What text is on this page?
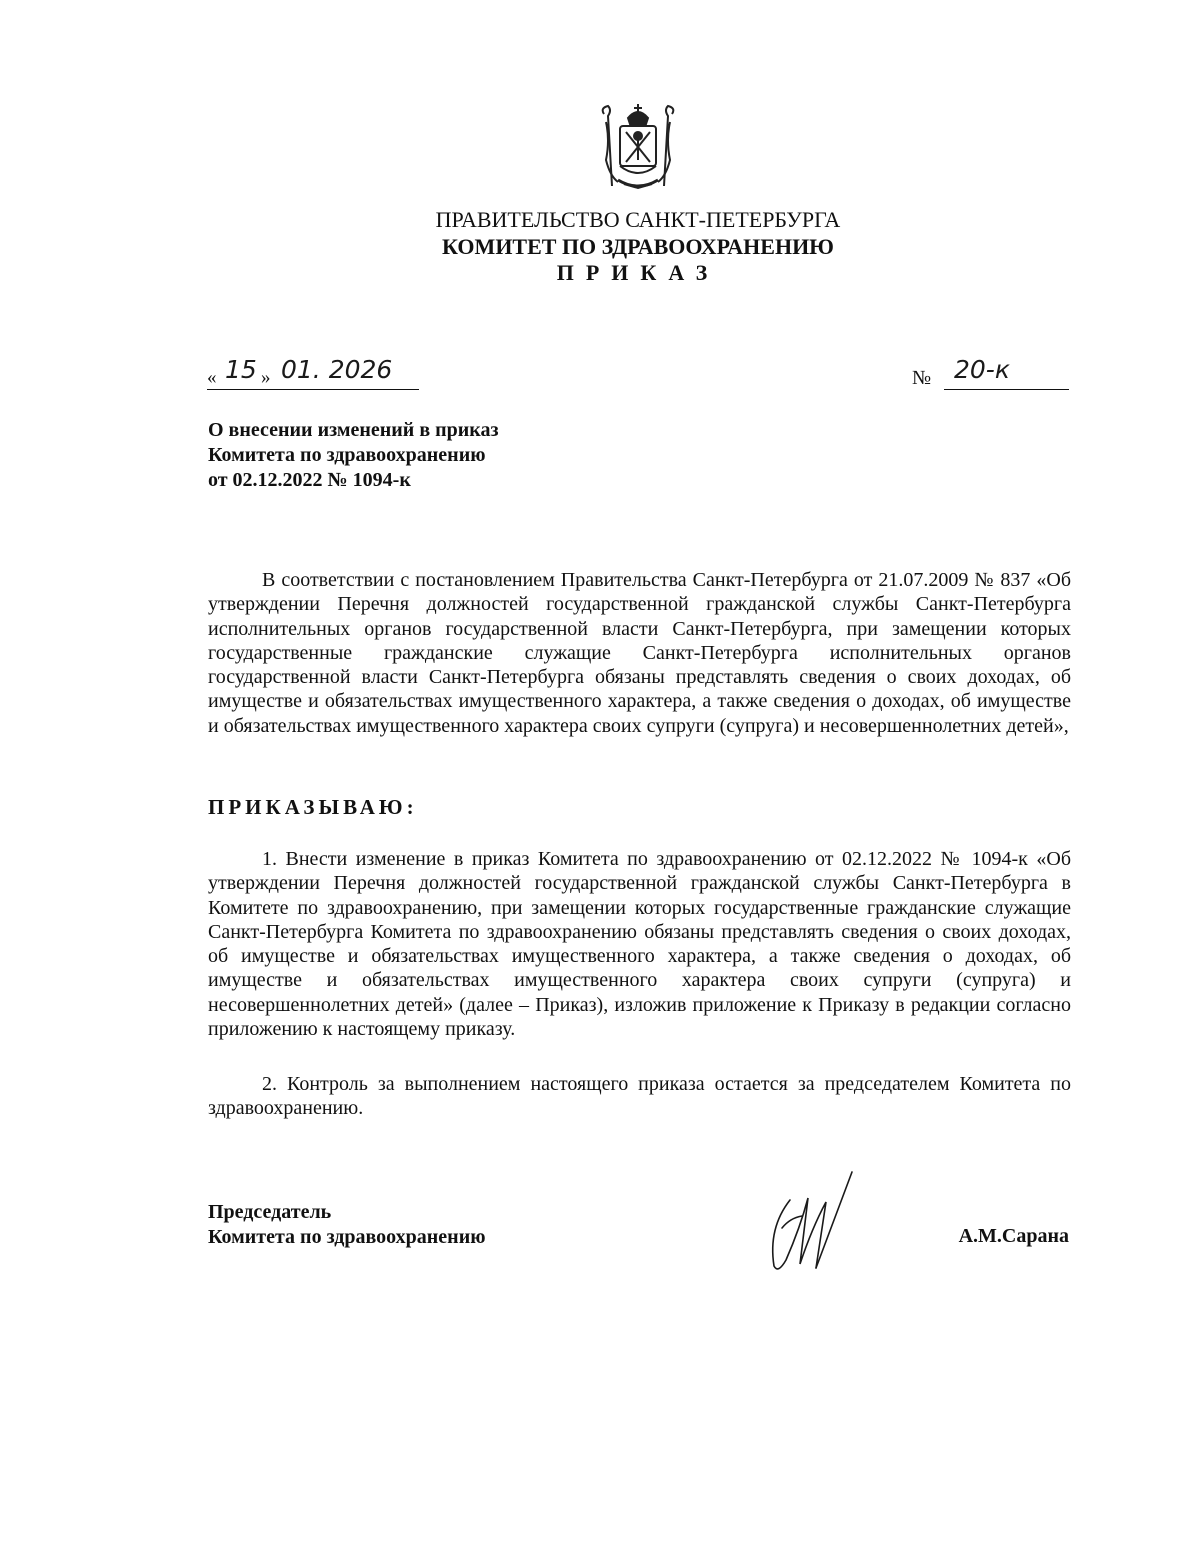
ПРАВИТЕЛЬСТВО САНКТ-ПЕТЕРБУРГА
КОМИТЕТ ПО ЗДРАВООХРАНЕНИЮ
ПРИКАЗ
« 15 » 01. 2026	№ 20-к
О внесении изменений в приказ
Комитета по здравоохранению
от 02.12.2022 № 1094-к

В соответствии с постановлением Правительства Санкт-Петербурга от 21.07.2009 № 837 «Об утверждении Перечня должностей государственной гражданской службы Санкт-Петербурга исполнительных органов государственной власти Санкт-Петербурга, при замещении которых государственные гражданские служащие Санкт-Петербурга исполнительных органов государственной власти Санкт-Петербурга обязаны представлять сведения о своих доходах, об имуществе и обязательствах имущественного характера, а также сведения о доходах, об имуществе и обязательствах имущественного характера своих супруги (супруга) и несовершеннолетних детей»,

ПРИКАЗЫВАЮ:

1. Внести изменение в приказ Комитета по здравоохранению от 02.12.2022 № 1094-к «Об утверждении Перечня должностей государственной гражданской службы Санкт-Петербурга в Комитете по здравоохранению, при замещении которых государственные гражданские служащие Санкт-Петербурга Комитета по здравоохранению обязаны представлять сведения о своих доходах, об имуществе и обязательствах имущественного характера, а также сведения о доходах, об имуществе и обязательствах имущественного характера своих супруги (супруга) и несовершеннолетних детей» (далее – Приказ), изложив приложение к Приказу в редакции согласно приложению к настоящему приказу.

2. Контроль за выполнением настоящего приказа остается за председателем Комитета по здравоохранению.

Председатель
Комитета по здравоохранению	А.М.Сарана
